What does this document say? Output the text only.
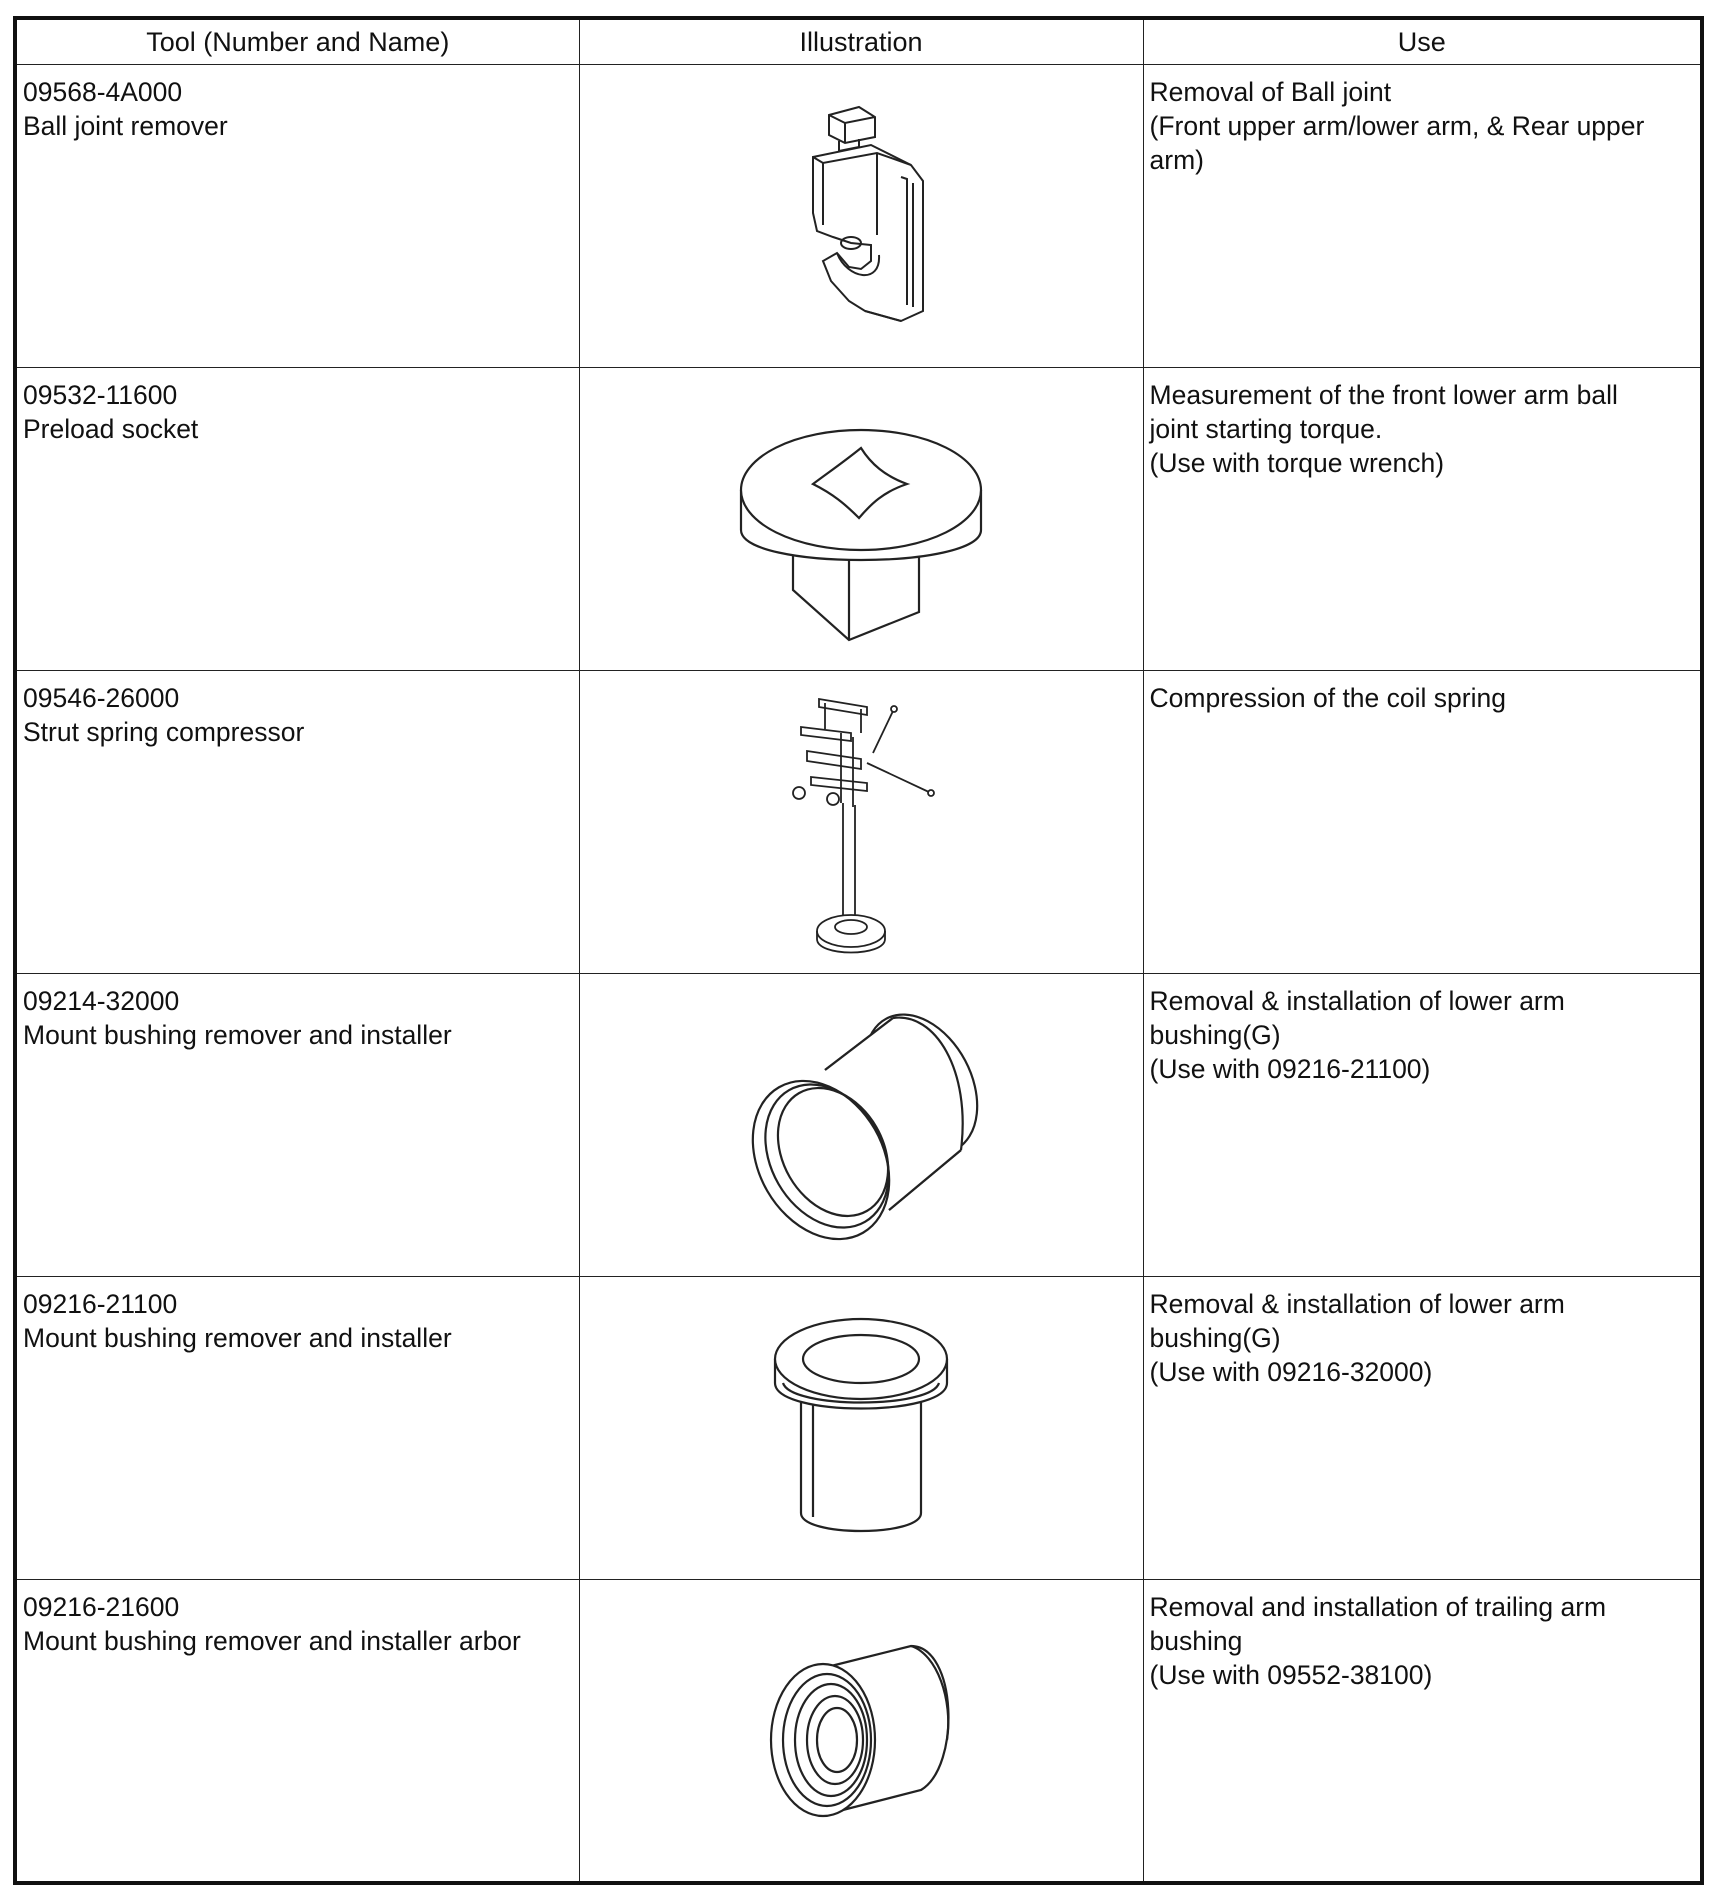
Tool (Number and Name)	Illustration	Use

09568-4A000
Ball joint remover		Removal of Ball joint
(Front upper arm/lower arm, & Rear upper
arm)

09532-11600
Preload socket		Measurement of the front lower arm ball
joint starting torque.
(Use with torque wrench)

09546-26000
Strut spring compressor		Compression of the coil spring

09214-32000
Mount bushing remover and installer		Removal & installation of lower arm
bushing(G)
(Use with 09216-21100)

09216-21100
Mount bushing remover and installer		Removal & installation of lower arm
bushing(G)
(Use with 09216-32000)

09216-21600
Mount bushing remover and installer arbor		Removal and installation of trailing arm
bushing
(Use with 09552-38100)
